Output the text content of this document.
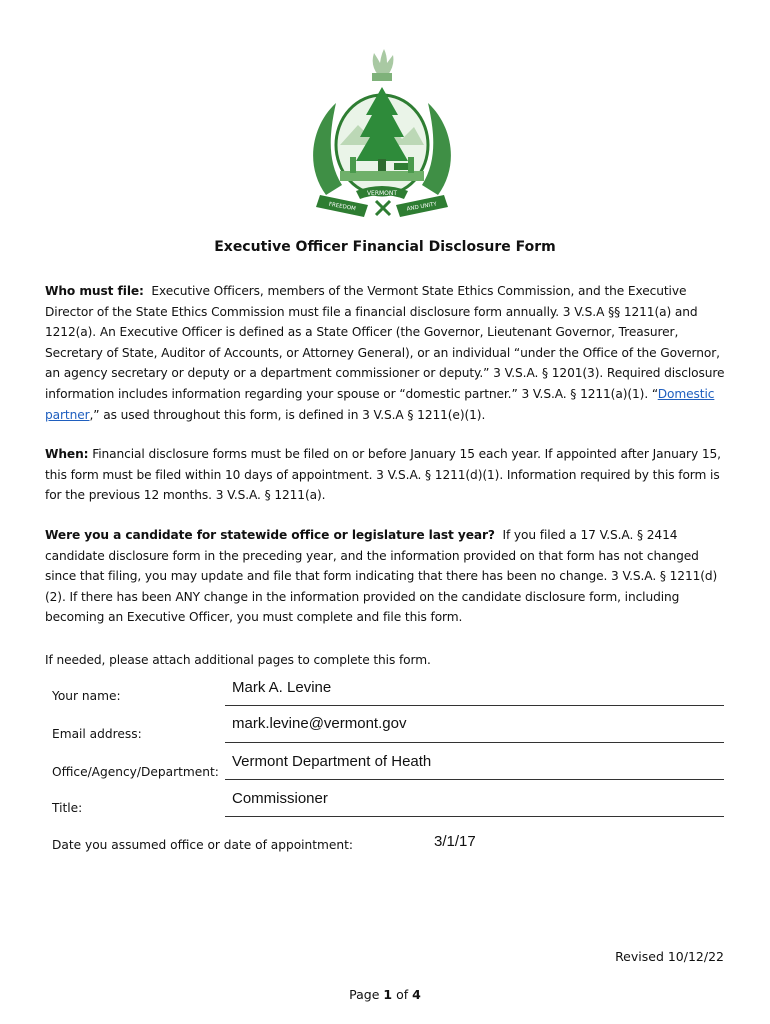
VERMONT
FREEDOM	AND UNITY
Executive Officer Financial Disclosure Form
Who must file: Executive Officers, members of the Vermont State Ethics Commission, and the Executive Director of the State Ethics Commission must file a financial disclosure form annually. 3 V.S.A §§ 1211(a) and 1212(a). An Executive Officer is defined as a State Officer (the Governor, Lieutenant Governor, Treasurer, Secretary of State, Auditor of Accounts, or Attorney General), or an individual “under the Office of the Governor, an agency secretary or deputy or a department commissioner or deputy.” 3 V.S.A. § 1201(3). Required disclosure information includes information regarding your spouse or “domestic partner.” 3 V.S.A. § 1211(a)(1). “Domestic partner,” as used throughout this form, is defined in 3 V.S.A § 1211(e)(1).
When: Financial disclosure forms must be filed on or before January 15 each year. If appointed after January 15, this form must be filed within 10 days of appointment. 3 V.S.A. § 1211(d)(1). Information required by this form is for the previous 12 months. 3 V.S.A. § 1211(a).
Were you a candidate for statewide office or legislature last year? If you filed a 17 V.S.A. § 2414 candidate disclosure form in the preceding year, and the information provided on that form has not changed since that filing, you may update and file that form indicating that there has been no change. 3 V.S.A. § 1211(d)(2). If there has been ANY change in the information provided on the candidate disclosure form, including becoming an Executive Officer, you must complete and file this form.
If needed, please attach additional pages to complete this form.
Your name:
Mark A. Levine
Email address:
mark.levine@vermont.gov
Office/Agency/Department:
Vermont Department of Heath
Title:
Commissioner
Date you assumed office or date of appointment:
3/1/17
Revised 10/12/22
Page 1 of 4
